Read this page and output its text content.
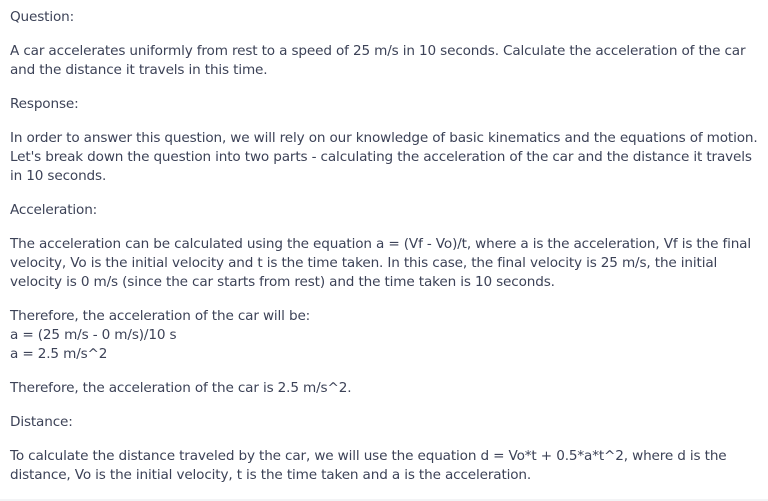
Question:

A car accelerates uniformly from rest to a speed of 25 m/s in 10 seconds. Calculate the acceleration of the car and the distance it travels in this time.

Response:

In order to answer this question, we will rely on our knowledge of basic kinematics and the equations of motion. Let's break down the question into two parts - calculating the acceleration of the car and the distance it travels in 10 seconds.

Acceleration:

The acceleration can be calculated using the equation a = (Vf - Vo)/t, where a is the acceleration, Vf is the final velocity, Vo is the initial velocity and t is the time taken. In this case, the final velocity is 25 m/s, the initial velocity is 0 m/s (since the car starts from rest) and the time taken is 10 seconds.

Therefore, the acceleration of the car will be:
a = (25 m/s - 0 m/s)/10 s
a = 2.5 m/s^2

Therefore, the acceleration of the car is 2.5 m/s^2.

Distance:

To calculate the distance traveled by the car, we will use the equation d = Vo*t + 0.5*a*t^2, where d is the distance, Vo is the initial velocity, t is the time taken and a is the acceleration.
